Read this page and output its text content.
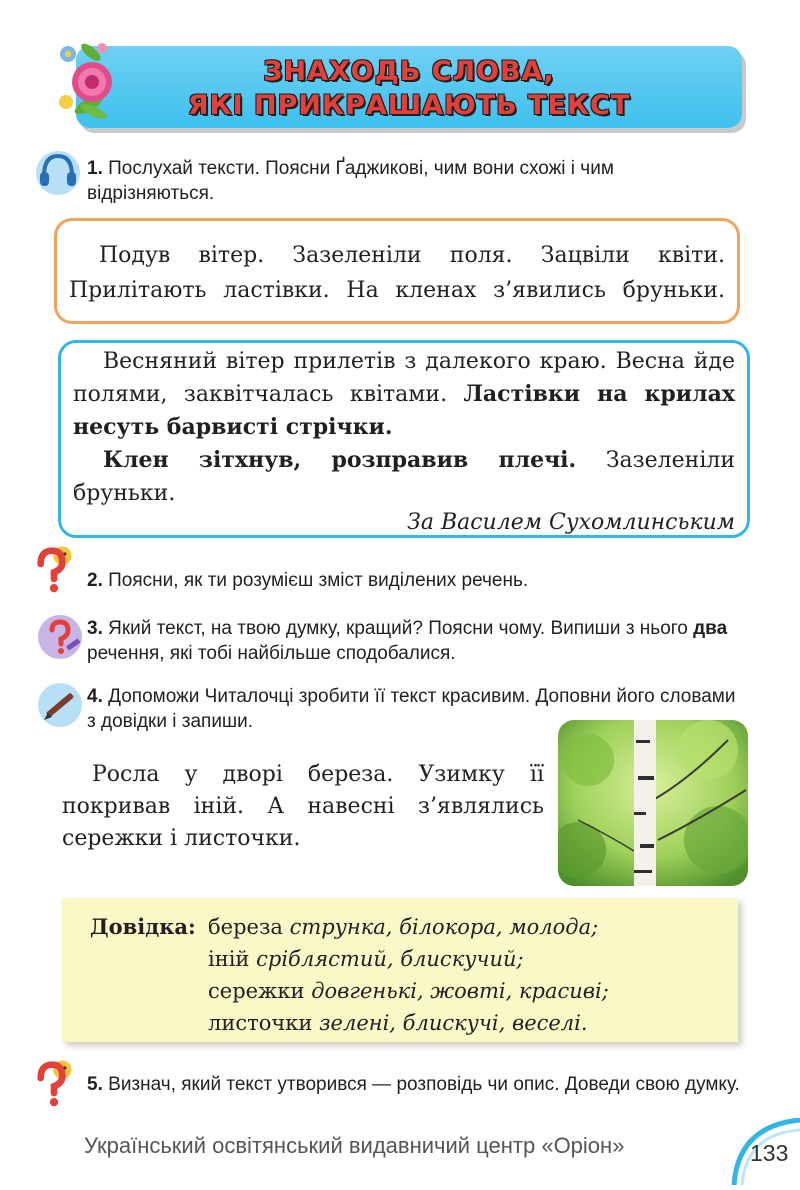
ЗНАХОДЬ СЛОВА,
ЯКІ ПРИКРАШАЮТЬ ТЕКСТ
1. Послухай тексти. Поясни Ґаджикові, чим вони схожі і чим відрізняються.
Подув вітер. Зазеленіли поля. Зацвіли квіти.
Прилітають ластівки. На кленах з’явились бруньки.
Весняний вітер прилетів з далекого краю. Весна йде
полями, заквітчалась квітами. Ластівки на крилах
несуть барвисті стрічки.
Клен зітхнув, розправив плечі. Зазеленіли
бруньки.
За Василем Сухомлинським
2. Поясни, як ти розумієш зміст виділених речень.
3. Який текст, на твою думку, кращий? Поясни чому. Випиши з нього два речення, які тобі найбільше сподобалися.
4. Допоможи Читалочці зробити її текст красивим. Доповни його словами з довідки і запиши.
Росла у дворі береза. Узимку її
покривав іній. А навесні з’являлись
сережки і листочки.
Довідка: береза струнка, білокора, молода;
іній сріблястий, блискучий;
сережки довгенькі, жовті, красиві;
листочки зелені, блискучі, веселі.
5. Визнач, який текст утворився — розповідь чи опис. Доведи свою думку.
Український освітянський видавничий центр «Оріон»	133
